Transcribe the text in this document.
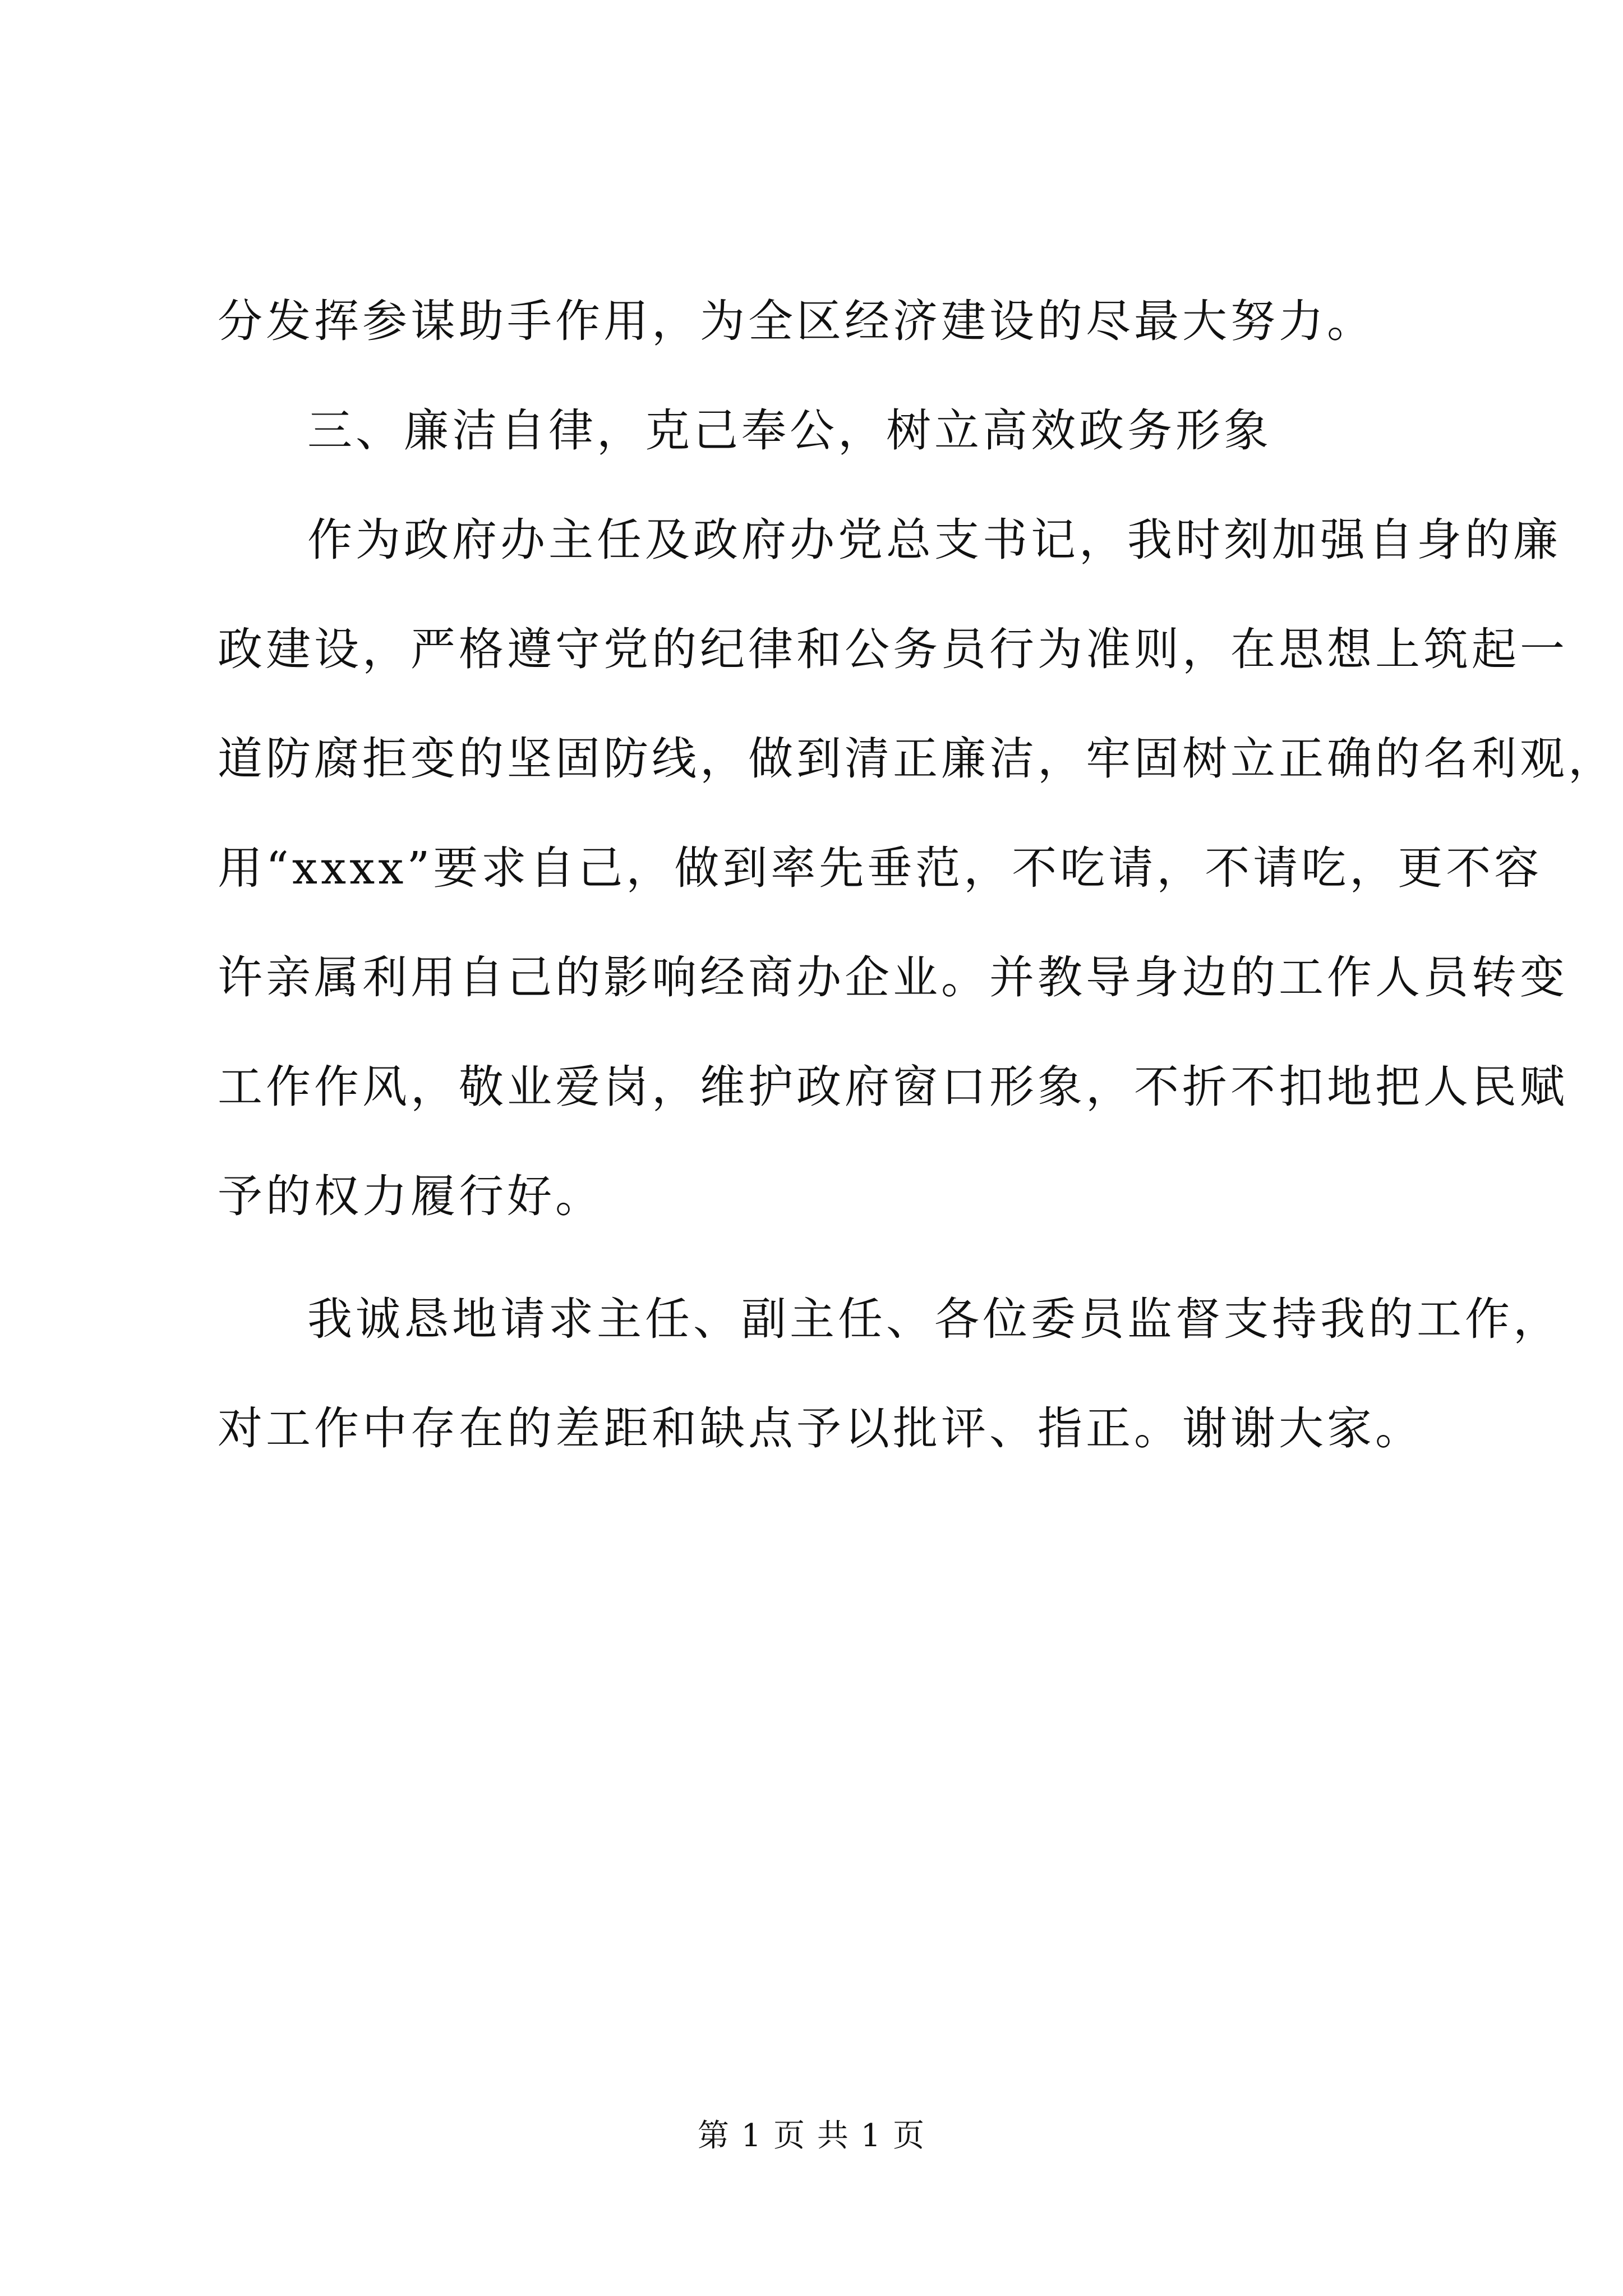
分发挥参谋助手作用，为全区经济建设的尽最大努力。
三、廉洁自律，克己奉公，树立高效政务形象
作为政府办主任及政府办党总支书记，我时刻加强自身的廉
政建设，严格遵守党的纪律和公务员行为准则，在思想上筑起一
道防腐拒变的坚固防线，做到清正廉洁，牢固树立正确的名利观，
用“xxxx”要求自己，做到率先垂范，不吃请，不请吃，更不容
许亲属利用自己的影响经商办企业。并教导身边的工作人员转变
工作作风，敬业爱岗，维护政府窗口形象，不折不扣地把人民赋
予的权力履行好。
我诚恳地请求主任、副主任、各位委员监督支持我的工作，
对工作中存在的差距和缺点予以批评、指正。谢谢大家。
第 1 页 共 1 页
